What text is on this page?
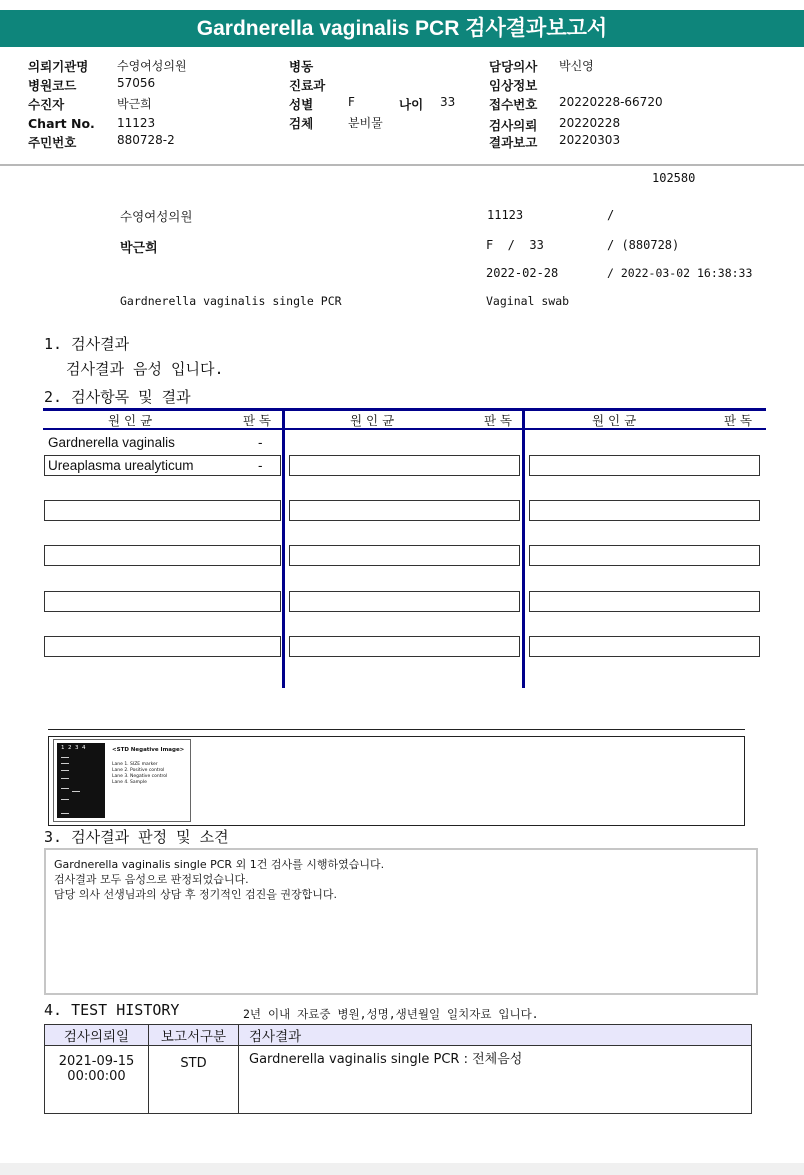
Gardnerella vaginalis PCR 검사결과보고서
의뢰기관명 수영여성의원
병원코드	57056
수진자	박근희
Chart No. 11123
주민번호	880728-2
병동
진료과
성별	F	나이 33
검체	분비물
담당의사 박신영
임상정보
접수번호 20220228-66720
검사의뢰 20220228
결과보고 20220303
102580
수영여성의원	11123	/
박근희	F  /  33	/ (880728)
2022-02-28	/ 2022-03-02 16:38:33
Gardnerella vaginalis single PCR	Vaginal swab
1. 검사결과
검사결과 음성 입니다.
2. 검사항목 및 결과
원 인 균	판 독	원 인 균	판 독	원 인 균	판 독
Gardnerella vaginalis	-
Ureaplasma urealyticum	-
1  2  3  4	<STD Negative Image>
Lane 1. SIZE marker
Lane 2. Positive control
Lane 3. Negative control
Lane 4. Sample
3. 검사결과 판정 및 소견
Gardnerella vaginalis single PCR 외 1건 검사를 시행하였습니다.
검사결과 모두 음성으로 판정되었습니다.
담당 의사 선생님과의 상담 후 정기적인 검진을 권장합니다.
4. TEST HISTORY	2년 이내 자료중 병원,성명,생년월일 일치자료 입니다.
검사의뢰일	보고서구분	검사결과

2021-09-15
00:00:00	STD	Gardnerella vaginalis single PCR : 전체음성
